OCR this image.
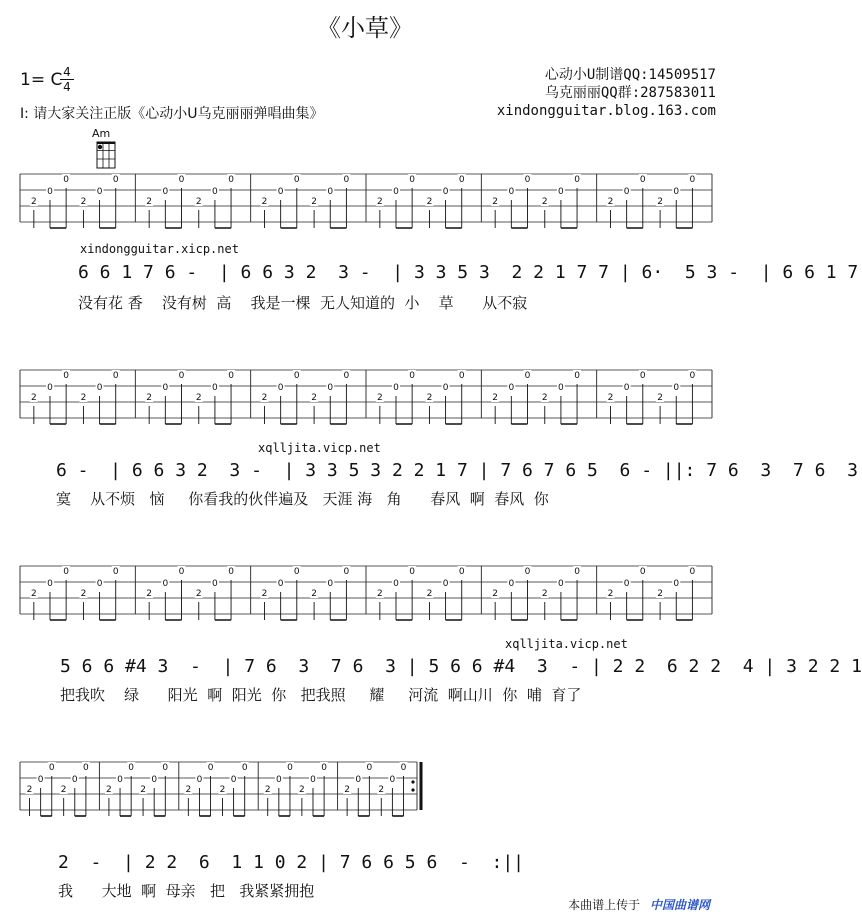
《小草》
1= C 4
4
心动小U制谱QQ:14509517
乌克丽丽QQ群:287583011
xindongguitar.blog.163.com
I: 请大家关注正版《心动小U乌克丽丽弹唱曲集》
Am
2
0
0
2
0
0
2
0
0
2
0
0
2
0
0
2
0
0
2
0
0
2
0
0
2
0
0
2
0
0
2
0
0
2
0
0
xindongguitar.xicp.net
6 6 1 7 6 -  | 6 6 3 2  3 -  | 3 3 5 3  2 2 1 7 7 | 6·  5 3 -  | 6 6 1 7
没有花 香    没有树  高    我是一棵  无人知道的  小    草      从不寂
2
0
0
2
0
0
2
0
0
2
0
0
2
0
0
2
0
0
2
0
0
2
0
0
2
0
0
2
0
0
2
0
0
2
0
0
xqlljita.vicp.net
6 -  | 6 6 3 2  3 -  | 3 3 5 3 2 2 1 7 | 7 6 7 6 5  6 - ||: 7 6  3  7 6  3
寞    从不烦   恼     你看我的伙伴遍及   天涯 海   角      春风  啊  春风  你
2
0
0
2
0
0
2
0
0
2
0
0
2
0
0
2
0
0
2
0
0
2
0
0
2
0
0
2
0
0
2
0
0
2
0
0
xqlljita.vicp.net
5 6 6 #4 3  -  | 7 6  3  7 6  3 | 5 6 6 #4  3  - | 2 2  6 2 2  4 | 3 2 2 1
把我吹    绿      阳光  啊  阳光  你   把我照     耀     河流  啊山川  你  哺  育了
2
0
0
2
0
0
2
0
0
2
0
0
2
0
0
2
0
0
2
0
0
2
0
0
2
0
0
2
0
0
2  -  | 2 2  6  1 1 0 2 | 7 6 6 5 6  -  :||
我      大地  啊  母亲   把   我紧紧拥抱
本曲谱上传于 中国曲谱网
